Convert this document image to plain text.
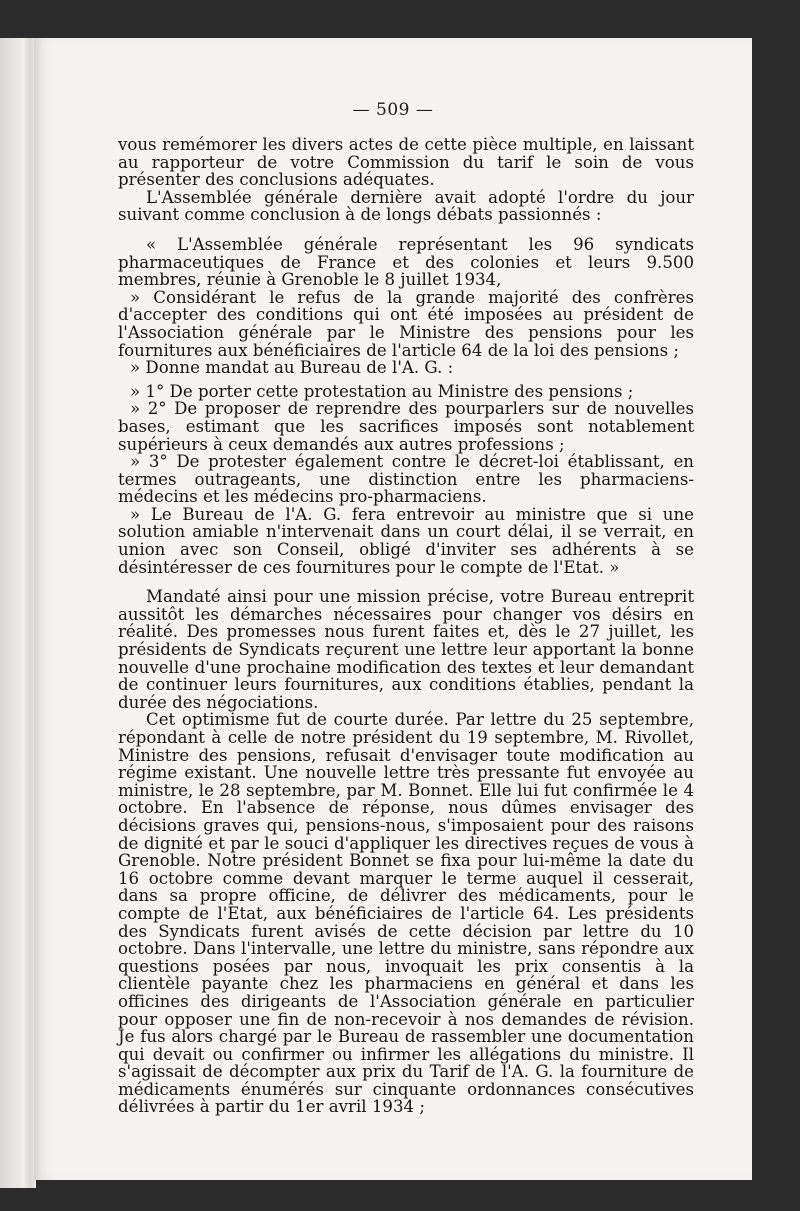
— 509 —

vous remémorer les divers actes de cette pièce multiple, en laissant au rapporteur de votre Commission du tarif le soin de vous présenter des conclusions adéquates.

L'Assemblée générale dernière avait adopté l'ordre du jour suivant comme conclusion à de longs débats passionnés :

« L'Assemblée générale représentant les 96 syndicats pharmaceutiques de France et des colonies et leurs 9.500 membres, réunie à Grenoble le 8 juillet 1934,

» Considérant le refus de la grande majorité des confrères d'accepter des conditions qui ont été imposées au président de l'Association générale par le Ministre des pensions pour les fournitures aux bénéficiaires de l'article 64 de la loi des pensions ;

» Donne mandat au Bureau de l'A. G. :

» 1° De porter cette protestation au Ministre des pensions ;

» 2° De proposer de reprendre des pourparlers sur de nouvelles bases, estimant que les sacrifices imposés sont notablement supérieurs à ceux demandés aux autres professions ;

» 3° De protester également contre le décret-loi établissant, en termes outrageants, une distinction entre les pharmaciens-médecins et les médecins pro-pharmaciens.

» Le Bureau de l'A. G. fera entrevoir au ministre que si une solution amiable n'intervenait dans un court délai, il se verrait, en union avec son Conseil, obligé d'inviter ses adhérents à se désintéresser de ces fournitures pour le compte de l'Etat. »

Mandaté ainsi pour une mission précise, votre Bureau entreprit aussitôt les démarches nécessaires pour changer vos désirs en réalité. Des promesses nous furent faites et, dès le 27 juillet, les présidents de Syndicats reçurent une lettre leur apportant la bonne nouvelle d'une prochaine modification des textes et leur demandant de continuer leurs fournitures, aux conditions établies, pendant la durée des négociations.

Cet optimisme fut de courte durée. Par lettre du 25 septembre, répondant à celle de notre président du 19 septembre, M. Rivollet, Ministre des pensions, refusait d'envisager toute modification au régime existant. Une nouvelle lettre très pressante fut envoyée au ministre, le 28 septembre, par M. Bonnet. Elle lui fut confirmée le 4 octobre. En l'absence de réponse, nous dûmes envisager des décisions graves qui, pensions-nous, s'imposaient pour des raisons de dignité et par le souci d'appliquer les directives reçues de vous à Grenoble. Notre président Bonnet se fixa pour lui-même la date du 16 octobre comme devant marquer le terme auquel il cesserait, dans sa propre officine, de délivrer des médicaments, pour le compte de l'Etat, aux bénéficiaires de l'article 64. Les présidents des Syndicats furent avisés de cette décision par lettre du 10 octobre. Dans l'intervalle, une lettre du ministre, sans répondre aux questions posées par nous, invoquait les prix consentis à la clientèle payante chez les pharmaciens en général et dans les officines des dirigeants de l'Association générale en particulier pour opposer une fin de non-recevoir à nos demandes de révision. Je fus alors chargé par le Bureau de rassembler une documentation qui devait ou confirmer ou infirmer les allégations du ministre. Il s'agissait de décompter aux prix du Tarif de l'A. G. la fourniture de médicaments énumérés sur cinquante ordonnances consécutives délivrées à partir du 1er avril 1934 ;
